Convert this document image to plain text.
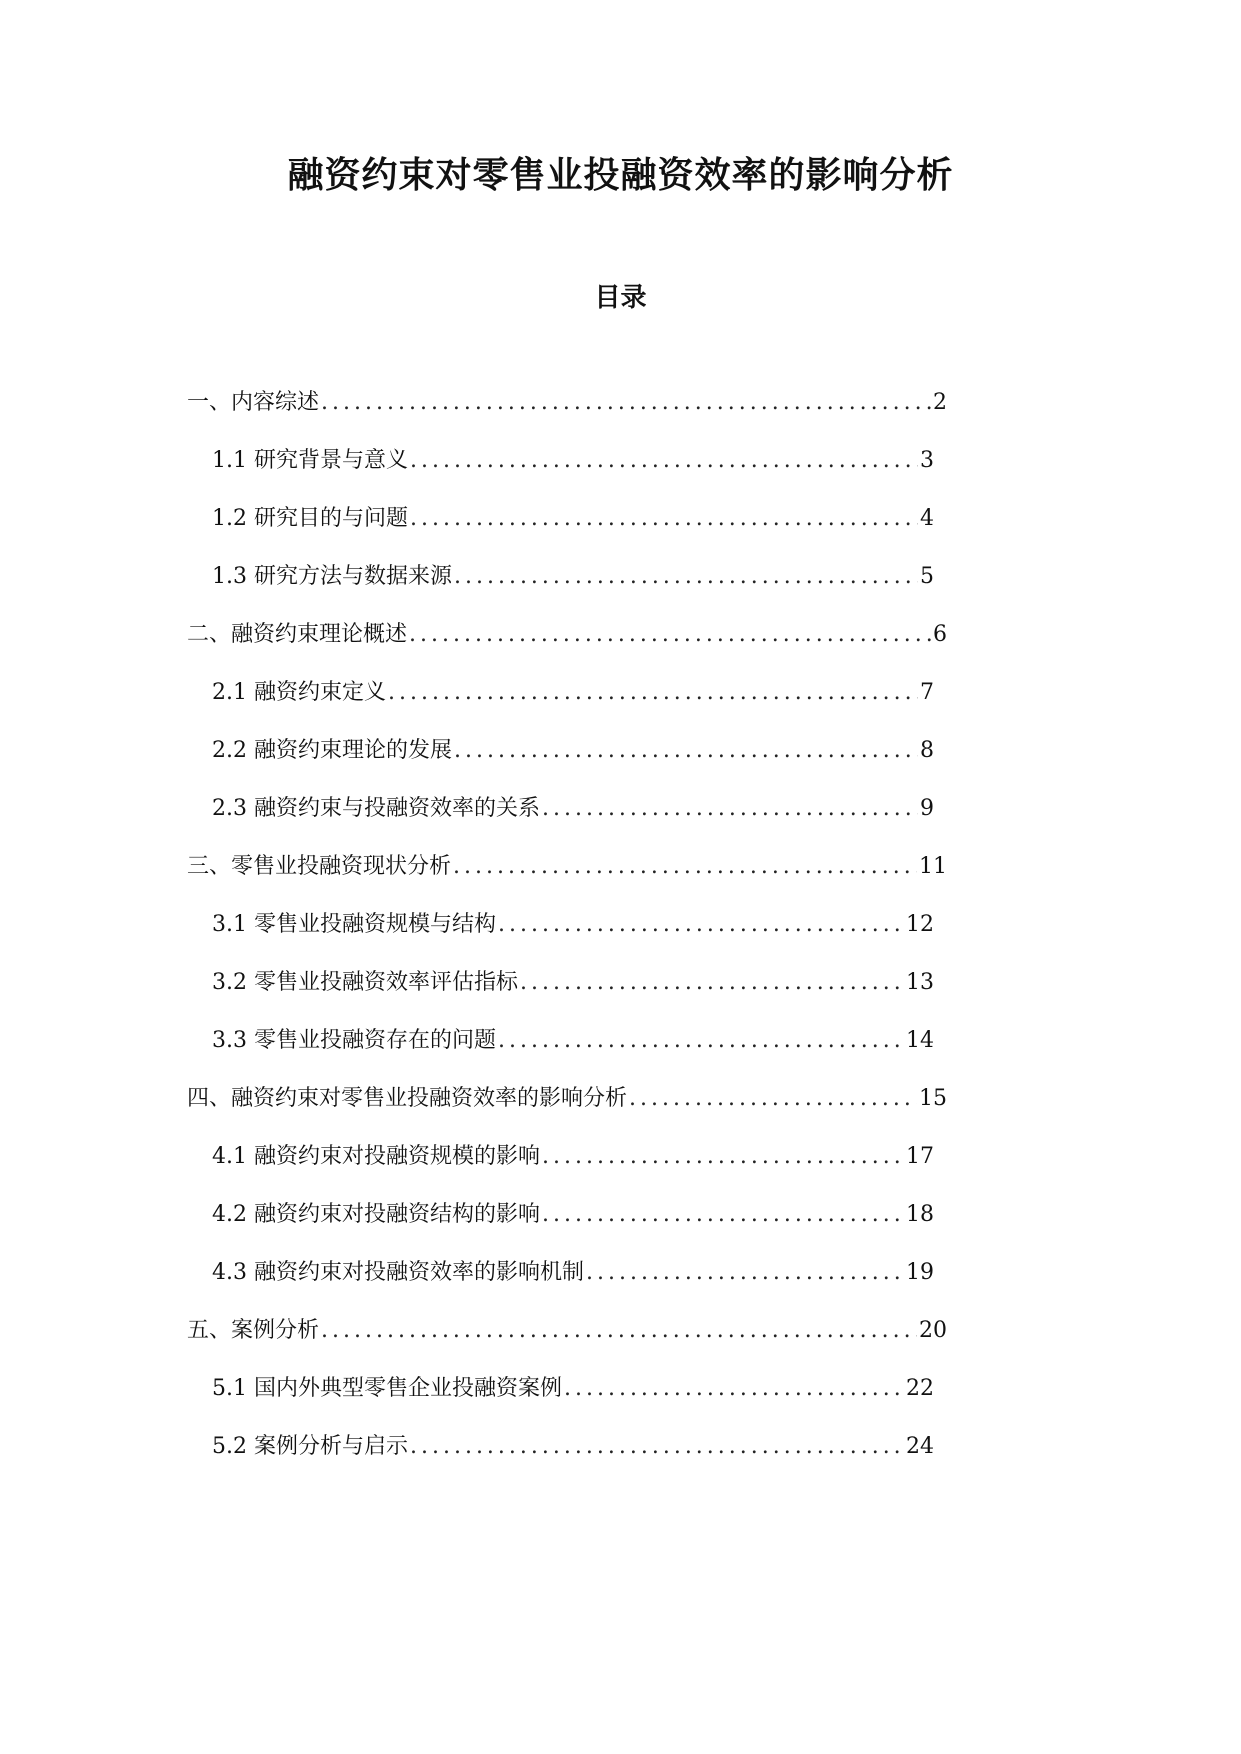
融资约束对零售业投融资效率的影响分析
目录
一、内容综述 .....	2
1.1 研究背景与意义 .....	3
1.2 研究目的与问题 .....	4
1.3 研究方法与数据来源 .....	5
二、融资约束理论概述 .....	6
2.1 融资约束定义 .....	7
2.2 融资约束理论的发展 .....	8
2.3 融资约束与投融资效率的关系 .....	9
三、零售业投融资现状分析 .....	11
3.1 零售业投融资规模与结构 .....	12
3.2 零售业投融资效率评估指标 .....	13
3.3 零售业投融资存在的问题 .....	14
四、融资约束对零售业投融资效率的影响分析 .....	15
4.1 融资约束对投融资规模的影响 .....	17
4.2 融资约束对投融资结构的影响 .....	18
4.3 融资约束对投融资效率的影响机制 .....	19
五、案例分析 .....	20
5.1 国内外典型零售企业投融资案例 .....	22
5.2 案例分析与启示 .....	24
